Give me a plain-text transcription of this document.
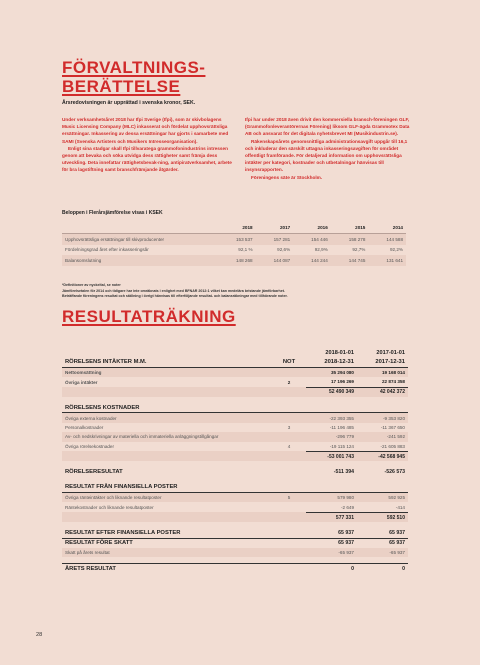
FÖRVALTNINGS-
BERÄTTELSE
Årsredovisningen är upprättad i svenska kronor, SEK.

Under verksamhetsåret 2018 har Ifpi Sverige (Ifpi), som är skivbolagens Music Licensing Company (MLC) inkasserat och fördelat upphovsrättsliga ersättningar. Inkassering av dessa ersättningar har gjorts i samarbete med SAMI (Svenska Artisters och Musikers Intresseorganisation).

Enligt sina stadgar skall Ifpi tillvaratega grammofonindustrins intressen genom att bevaka och söka utvidga dess rättigheter samt främja dess utveckling. Deta innefattar rättighetsbevak-ning, antipiratverksamhet, arbete för bra lagstiftning samt branschfrämjande åtgärder.

Ifpi har under 2018 även drivit den kommersiella bransch-föreningen GLF, (Grammofonleverantörernas Förening) liksom GLF-ägda Grammotex Data AB och ansvarat för det digitala nyhetsbrevet MI (Musikindustrin.se).

Räkenskapsårets genomsnittliga administrationsavgift uppgår till 16,1 och inkluderar den särskilt uttagna inkasseringsavgiften för området offentligt framförande. För detaljerad information om upphovsrättsliga intäkter per kategori, kostnader och utbetalningar hänvisas till insynsrapporten.

Föreningens säte är Stockholm.

Beloppen i Flerårsjämförelse visas i KSEK
	2018	2017	2016	2015	2014
Upphovsrättsliga ersättningar till skivproducenter	153 537	157 281	154 446	158 278	144 588
Fördelningsgrad året efter inkasseringsår	92,1 %	92,6%	92,9%	92,7%	92,2%
Balansomslutning	148 268	144 087	144 244	144 745	131 641
*Definitioner av nyckeltal, se noter
Jämförelsetalen för 2014 och tidigare har inte omräknats i enlighet med BFNAR 2012:1 vilket kan medelära bristande jämförbarhet.
Beträffande föreningens resultat och ställning i övrigt hänvisas till efterföljande resultat- och balansräkningar med tillhörande noter.
RESULTATRÄKNING
		2018-01-01	2017-01-01
RÖRELSENS INTÄKTER M.M.	NOT	2018-12-31	2017-12-31
Nettoomsättning		35 294 080	19 168 014
Övriga intäkter	2	17 196 269	22 874 358
		52 490 349	42 042 372

RÖRELSENS KOSTNADER			
Övriga externa kostnader		-22 393 355	-9 353 820
Personalkostnader	3	-11 196 485	-11 367 650
Av- och nedskrivningar av materiella och immateriella anläggningstillgångar		-296 779	-241 592
Övriga rörelsekostnader	4	-19 115 124	-21 605 883
		-53 001 743	-42 568 945

RÖRELSERESULTAT		-511 394	-526 573

RESULTAT FRÅN FINANSIELLA POSTER			
Övriga ränteintäkter och liknande resultatposter	5	579 980	592 925
Räntekostnader och liknande resultatposter		-2 649	-414
		577 331	592 510

RESULTAT EFTER FINANSIELLA POSTER		65 937	65 937
RESULTAT FÖRE SKATT		65 937	65 937
Skatt på årets resultat		-65 937	-65 937

ÅRETS RESULTAT		0	0
28
